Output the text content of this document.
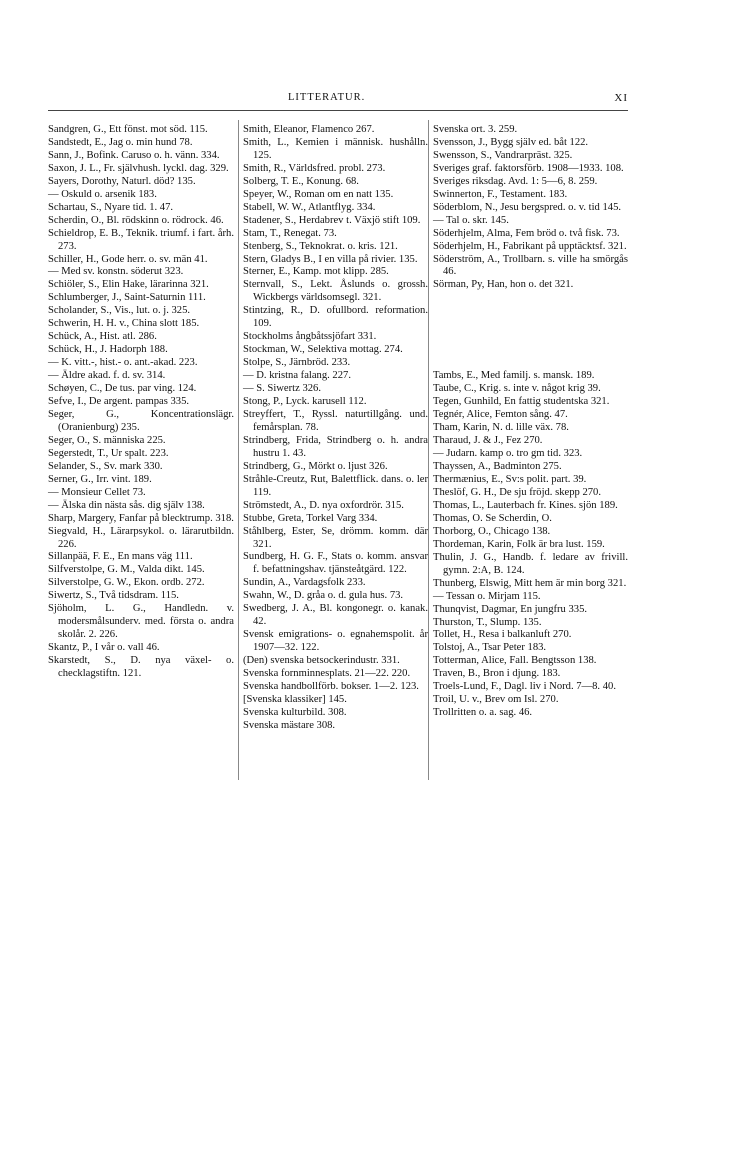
LITTERATUR.	XI

Sandgren, G., Ett fönst. mot söd. 115.

Sandstedt, E., Jag o. min hund 78.

Sann, J., Bofink. Caruso o. h. vänn. 334.

Saxon, J. L., Fr. självhush. lyckl. dag. 329.

Sayers, Dorothy, Naturl. död? 135.

— Oskuld o. arsenik 183.

Schartau, S., Nyare tid. 1. 47.

Scherdin, O., Bl. rödskinn o. rödrock. 46.

Schieldrop, E. B., Teknik. triumf. i fart. årh. 273.

Schiller, H., Gode herr. o. sv. män 41.

— Med sv. konstn. söderut 323.

Schiöler, S., Elin Hake, lärarinna 321.

Schlumberger, J., Saint-Saturnin 111.

Scholander, S., Vis., lut. o. j. 325.

Schwerin, H. H. v., China slott 185.

Schück, A., Hist. atl. 286.

Schück, H., J. Hadorph 188.

— K. vitt.-, hist.- o. ant.-akad. 223.

— Äldre akad. f. d. sv. 314.

Schøyen, C., De tus. par ving. 124.

Sefve, I., De argent. pampas 335.

Seger, G., Koncentrationslägr. (Oranienburg) 235.

Seger, O., S. människa 225.

Segerstedt, T., Ur spalt. 223.

Selander, S., Sv. mark 330.

Serner, G., Irr. vint. 189.

— Monsieur Cellet 73.

— Älska din nästa sås. dig själv 138.

Sharp, Margery, Fanfar på blecktrump. 318.

Siegvald, H., Lärarpsykol. o. lärarutbildn. 226.

Sillanpää, F. E., En mans väg 111.

Silfverstolpe, G. M., Valda dikt. 145.

Silverstolpe, G. W., Ekon. ordb. 272.

Siwertz, S., Två tidsdram. 115.

Sjöholm, L. G., Handledn. v. modersmålsunderv. med. första o. andra skolår. 2. 226.

Skantz, P., I vår o. vall 46.

Skarstedt, S., D. nya växel- o. checklagstiftn. 121.

Smith, Eleanor, Flamenco 267.

Smith, L., Kemien i människ. hushålln. 125.

Smith, R., Världsfred. probl. 273.

Solberg, T. E., Konung. 68.

Speyer, W., Roman om en natt 135.

Stabell, W. W., Atlantflyg. 334.

Stadener, S., Herdabrev t. Växjö stift 109.

Stam, T., Renegat. 73.

Stenberg, S., Teknokrat. o. kris. 121.

Stern, Gladys B., I en villa på rivier. 135.

Sterner, E., Kamp. mot klipp. 285.

Sternvall, S., Lekt. Åslunds o. grossh. Wickbergs världsomsegl. 321.

Stintzing, R., D. ofullbord. reformation. 109.

Stockholms ångbåtssjöfart 331.

Stockman, W., Selektiva mottag. 274.

Stolpe, S., Järnbröd. 233.

— D. kristna falang. 227.

— S. Siwertz 326.

Stong, P., Lyck. karusell 112.

Streyffert, T., Ryssl. naturtillgång. und. femårsplan. 78.

Strindberg, Frida, Strindberg o. h. andra hustru 1. 43.

Strindberg, G., Mörkt o. ljust 326.

Stråhle-Creutz, Rut, Balettflick. dans. o. ler 119.

Strömstedt, A., D. nya oxfordrör. 315.

Stubbe, Greta, Torkel Varg 334.

Ståhlberg, Ester, Se, drömm. komm. där 321.

Sundberg, H. G. F., Stats o. komm. ansvar f. befattningshav. tjänsteåtgärd. 122.

Sundin, A., Vardagsfolk 233.

Swahn, W., D. gråa o. d. gula hus. 73.

Swedberg, J. A., Bl. kongonegr. o. kanak. 42.

Svensk emigrations- o. egnahemspolit. år 1907—32. 122.

(Den) svenska betsockerindustr. 331.

Svenska fornminnesplats. 21—22. 220.

Svenska handbollförb. bokser. 1—2. 123.

[Svenska klassiker] 145.

Svenska kulturbild. 308.

Svenska mästare 308.

Svenska ort. 3. 259.

Svensson, J., Bygg själv ed. båt 122.

Swensson, S., Vandrarpräst. 325.

Sveriges graf. faktorsförb. 1908—1933. 108.

Sveriges riksdag. Avd. 1: 5—6, 8. 259.

Swinnerton, F., Testament. 183.

Söderblom, N., Jesu bergspred. o. v. tid 145.

— Tal o. skr. 145.

Söderhjelm, Alma, Fem bröd o. två fisk. 73.

Söderhjelm, H., Fabrikant på upptäcktsf. 321.

Söderström, A., Trollbarn. s. ville ha smörgås 46.

Sörman, Py, Han, hon o. det 321.

Tambs, E., Med familj. s. mansk. 189.

Taube, C., Krig. s. inte v. något krig 39.

Tegen, Gunhild, En fattig studentska 321.

Tegnér, Alice, Femton sång. 47.

Tham, Karin, N. d. lille väx. 78.

Tharaud, J. & J., Fez 270.

— Judarn. kamp o. tro gm tid. 323.

Thayssen, A., Badminton 275.

Thermænius, E., Sv:s polit. part. 39.

Theslöf, G. H., De sju fröjd. skepp 270.

Thomas, L., Lauterbach fr. Kines. sjön 189.

Thomas, O. Se Scherdin, O.

Thorborg, O., Chicago 138.

Thordeman, Karin, Folk är bra lust. 159.

Thulin, J. G., Handb. f. ledare av frivill. gymn. 2:A, B. 124.

Thunberg, Elswig, Mitt hem är min borg 321.

— Tessan o. Mirjam 115.

Thunqvist, Dagmar, En jungfru 335.

Thurston, T., Slump. 135.

Tollet, H., Resa i balkanluft 270.

Tolstoj, A., Tsar Peter 183.

Totterman, Alice, Fall. Bengtsson 138.

Traven, B., Bron i djung. 183.

Troels-Lund, F., Dagl. liv i Nord. 7—8. 40.

Troil, U. v., Brev om Isl. 270.

Trollritten o. a. sag. 46.
